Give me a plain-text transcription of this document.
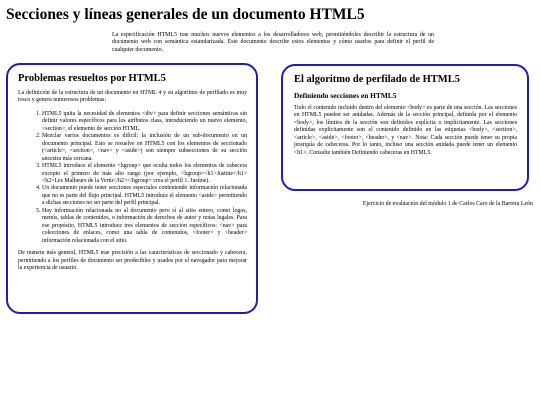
Secciones y líneas generales de un documento HTML5

La especificación HTML5 trae muchos nuevos elementos a los desarrolladores web, permitiéndoles describir la estructura de un documento web con semántica estandarizada. Este documento describe estos elementos y cómo usarlos para definir el perfil de cualquier documento.

Problemas resueltos por HTML5

La definición de la estructura de un documento en HTML 4 y su algoritmo de perfilado es muy tosco y genera numerosos problemas:

1. HTML5 quita la necesidad de elementos <div> para definir secciones semánticas sin definir valores específicos para los atributos class, introduciendo un nuevo elemento, <section>, el elemento de sección HTML.
2. Mezclar varios documentos es difícil: la inclusión de un sub-documento en un documento principal. Esto se resuelve en HTML5 con los elementos de seccionado (<article>, <section>, <nav> y <aside>) son siempre subsecciones de su sección ancestra más cercana.
3. HTML5 introduce el elemento <hgroup> que oculta todos los elementos de cabecera excepto el primero de más alto rango (por ejemplo, <hgroup><h1>Justine</h1><h2>Les Malheurs de la Vertu</h2></hgroup> crea el perfil 1. Justine).
4. Un documento puede tener secciones especiales conteniendo información relacionada que no es parte del flujo principal. HTML5 introduce el elemento <aside> permitiendo a dichas secciones no ser parte del perfil principal.
5. Hay información relacionada no al documento pero sí al sitio entero, como logos, menús, tablas de contenidos, o información de derechos de autor y notas legales. Para ese propósito, HTML5 introduce tres elementos de sección específicos: <nav> para colecciones de enlaces, como una tabla de contenidos, <footer> y <header> información relacionada con el sitio.

De manera más general, HTML5 trae precisión a las características de seccionado y cabecera, permitiendo a los perfiles de documento ser predecibles y usados por el navegador para mejorar la experiencia de usuario.

El algoritmo de perfilado de HTML5
Definiendo secciones en HTML5

Todo el contenido incluido dentro del elemento <body> es parte de una sección. Las secciones en HTML5 pueden ser anidadas. Además de la sección principal, definida por el elemento <body>, los límites de la sección son definidos explícita o implícitamente. Las secciones definidas explícitamente son el contenido definido en las etiquetas <body>, <section>, <article>, <aside>, <footer>, <header>, y <nav>. Nota: Cada sección puede tener su propia jerarquía de cabeceras. Por lo tanto, incluso una sección anidada puede tener un elemento <h1>. Consulte también Definiendo cabeceras en HTML5.

Ejercicio de evaluación del módulo 1 de Carlos Caro de la Barrera León
